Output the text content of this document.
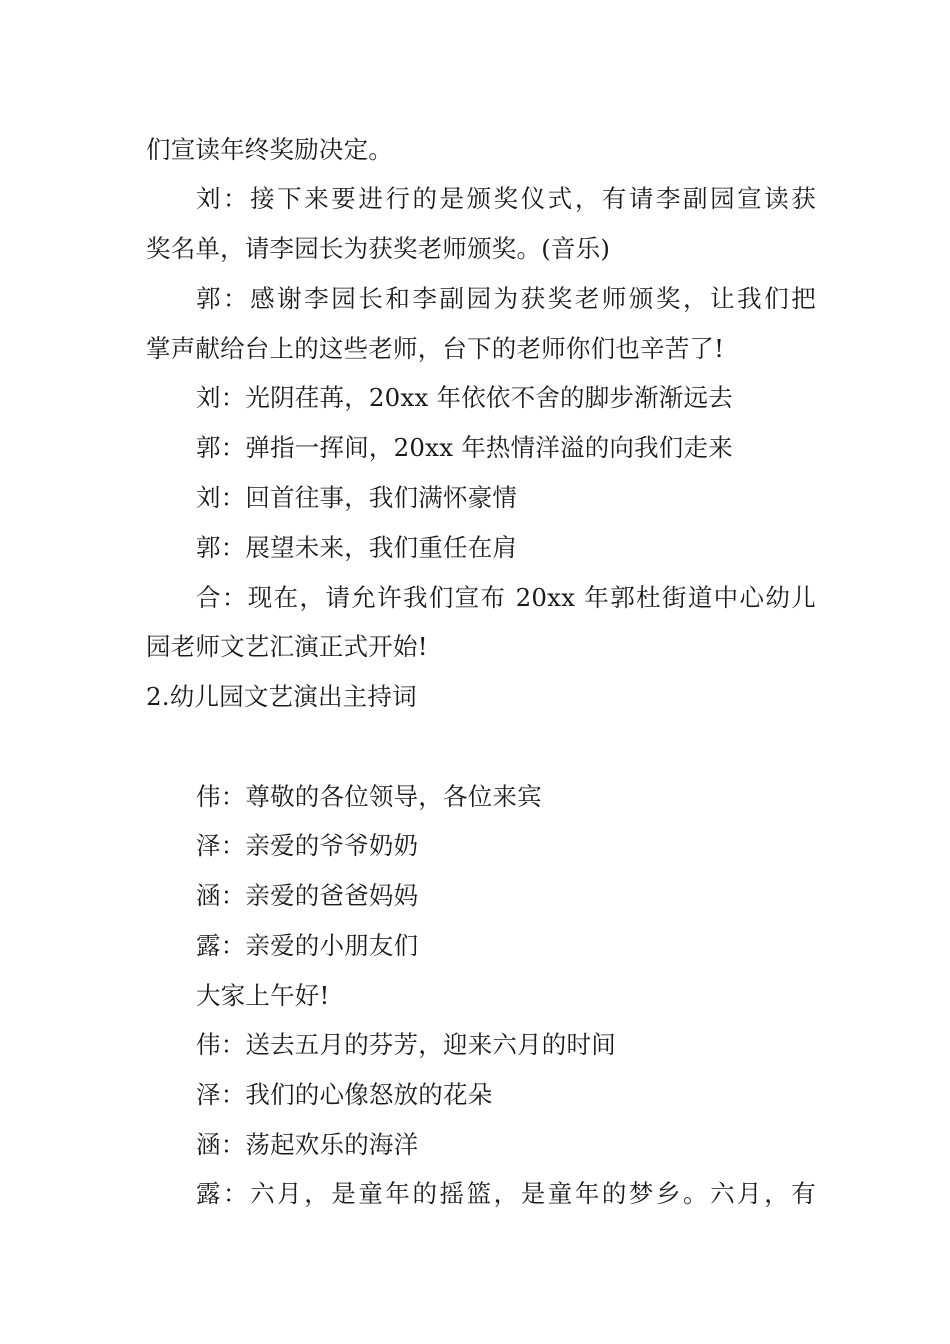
们宣读年终奖励决定。

刘：接下来要进行的是颁奖仪式，有请李副园宣读获

奖名单，请李园长为获奖老师颁奖。(音乐)

郭：感谢李园长和李副园为获奖老师颁奖，让我们把

掌声献给台上的这些老师，台下的老师你们也辛苦了!

刘：光阴荏苒，20xx 年依依不舍的脚步渐渐远去

郭：弹指一挥间，20xx 年热情洋溢的向我们走来

刘：回首往事，我们满怀豪情

郭：展望未来，我们重任在肩

合：现在，请允许我们宣布 20xx 年郭杜街道中心幼儿

园老师文艺汇演正式开始!

2.幼儿园文艺演出主持词

伟：尊敬的各位领导，各位来宾

泽：亲爱的爷爷奶奶

涵：亲爱的爸爸妈妈

露：亲爱的小朋友们

大家上午好!

伟：送去五月的芬芳，迎来六月的时间

泽：我们的心像怒放的花朵

涵：荡起欢乐的海洋

露：六月，是童年的摇篮，是童年的梦乡。六月，有
